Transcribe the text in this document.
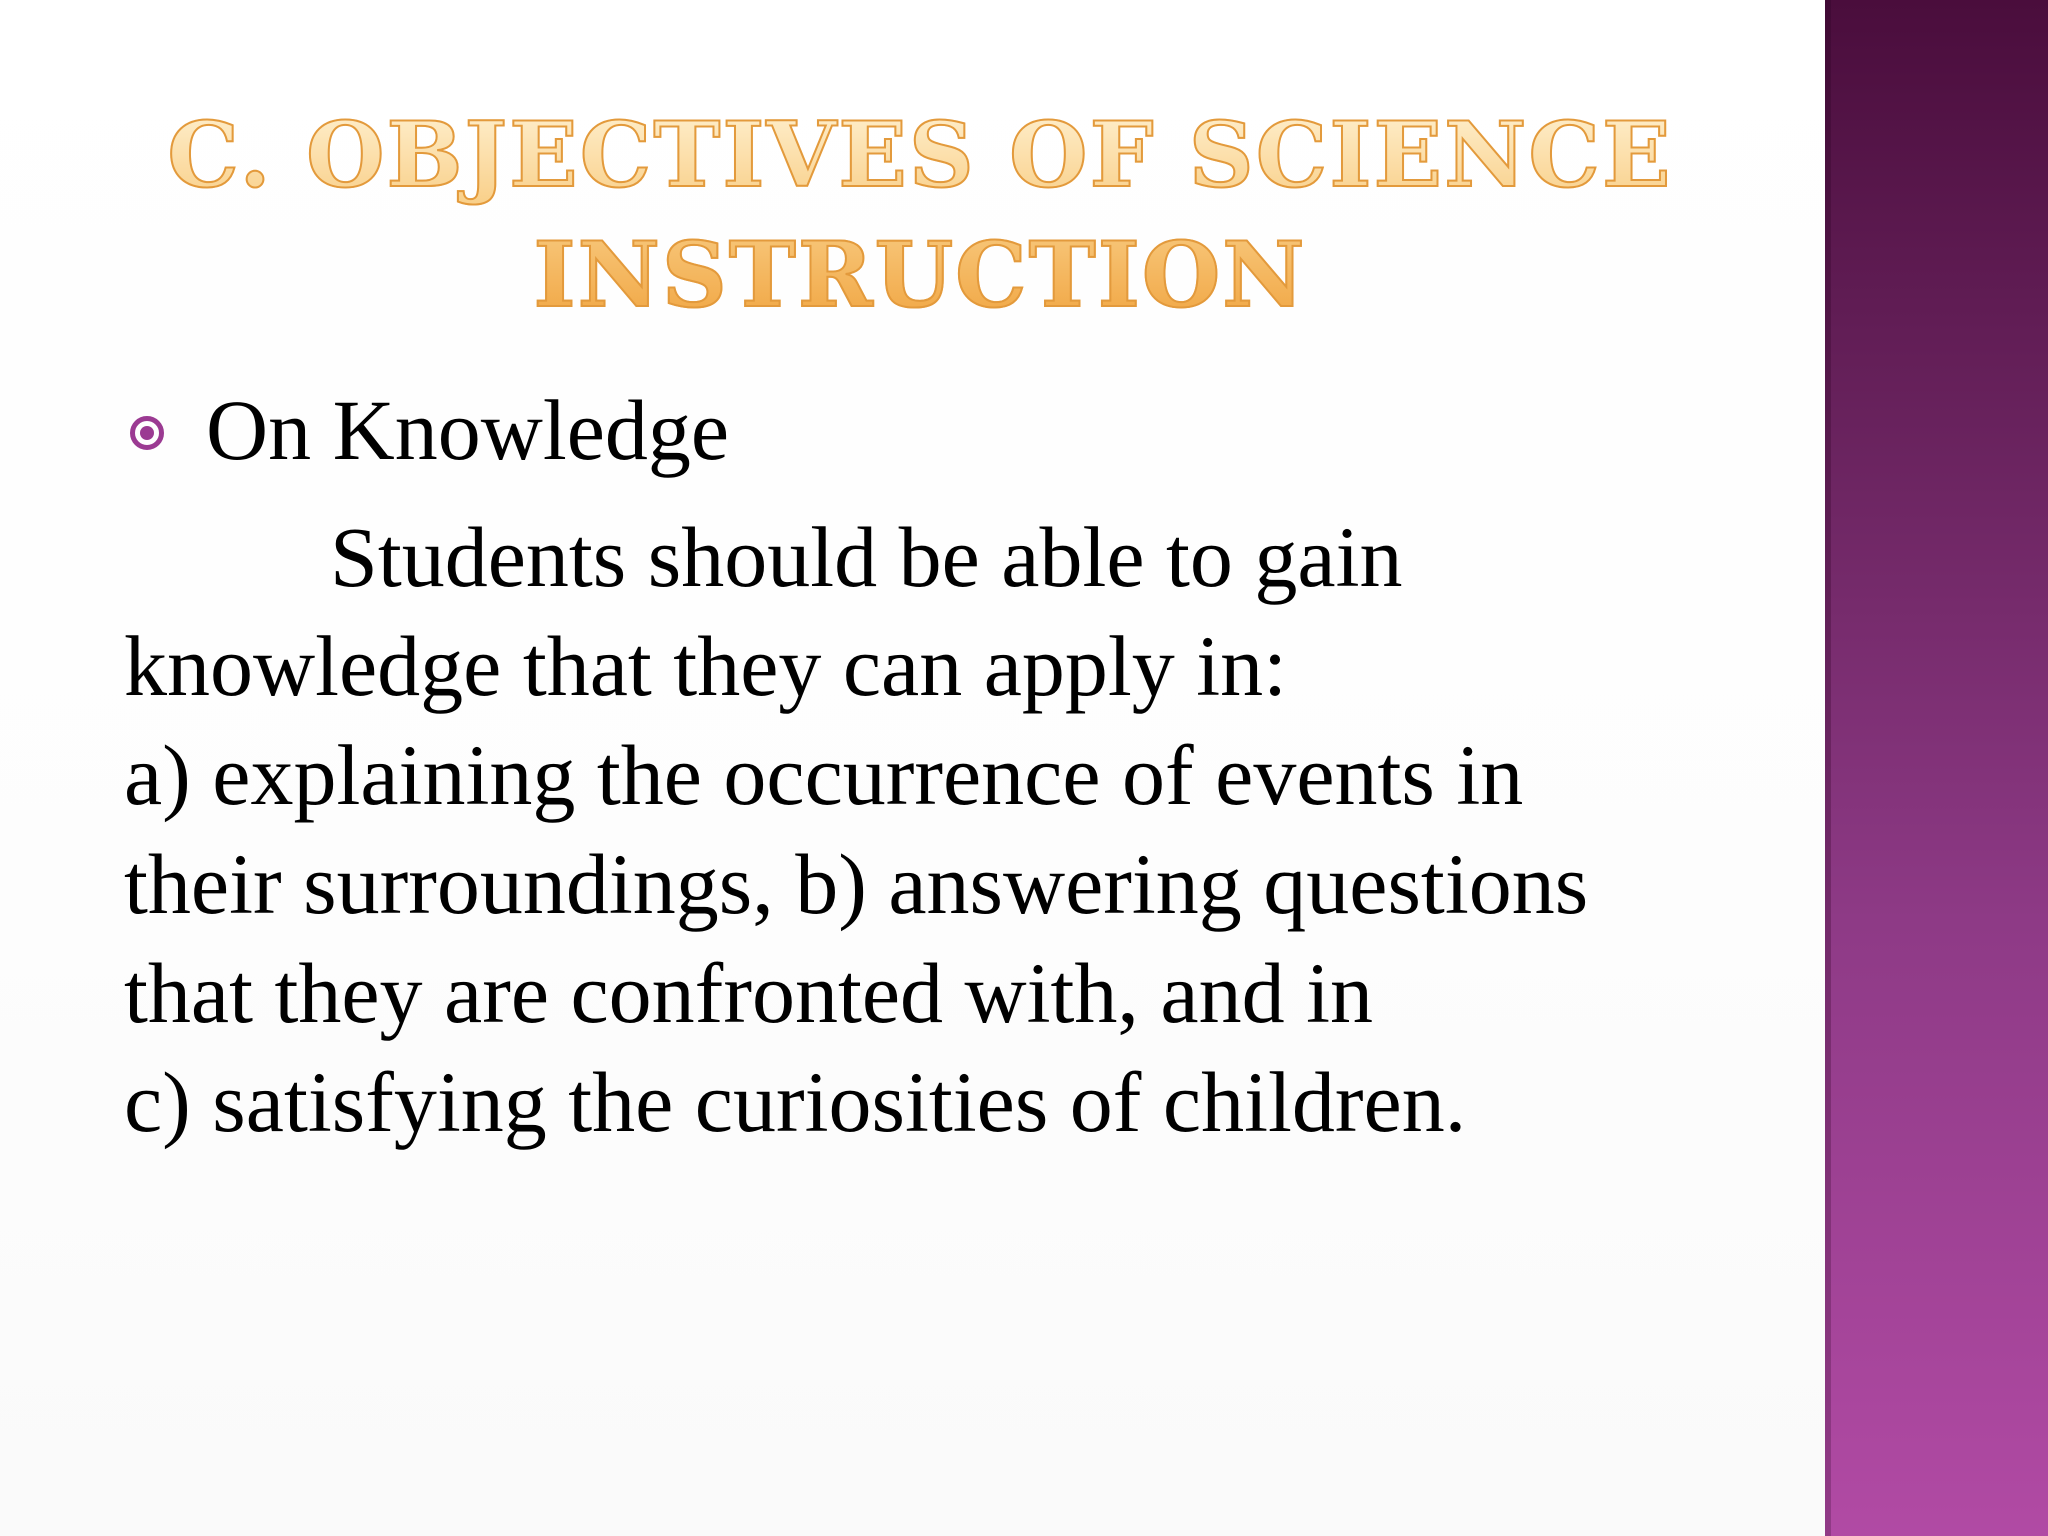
C. OBJECTIVES OF SCIENCE INSTRUCTION
On Knowledge
Students should be able to gain
knowledge that they can apply in:
a) explaining the occurrence of events in
their surroundings, b) answering questions
that they are confronted with, and in
c) satisfying the curiosities of children.
